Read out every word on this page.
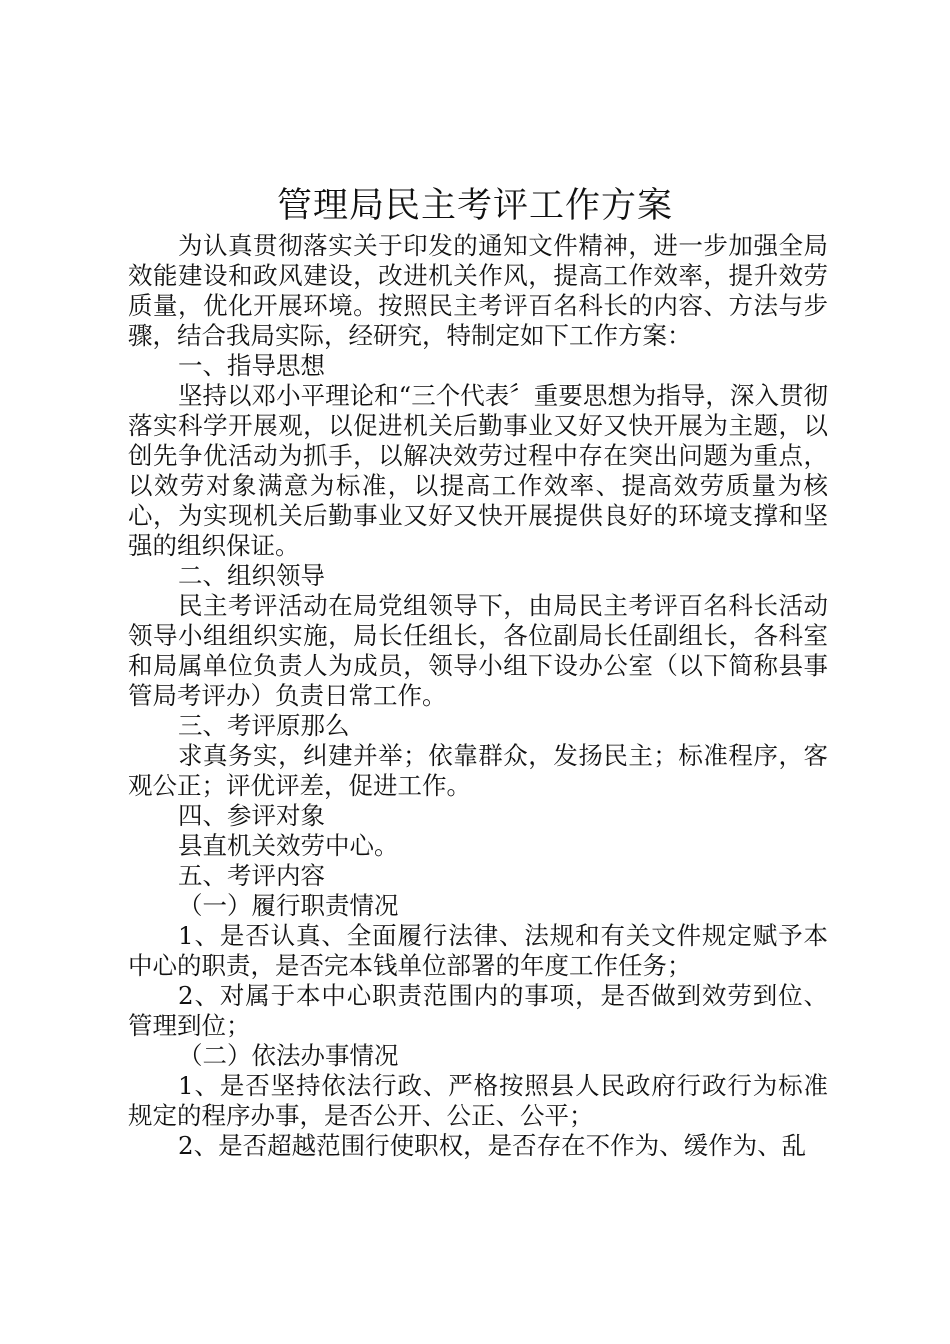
管理局民主考评工作方案

为认真贯彻落实关于印发的通知文件精神，进一步加强全局效能建设和政风建设，改进机关作风，提高工作效率，提升效劳质量，优化开展环境。按照民主考评百名科长的内容、方法与步骤，结合我局实际，经研究，特制定如下工作方案：

一、指导思想

坚持以邓小平理论和“三个代表〞重要思想为指导，深入贯彻落实科学开展观，以促进机关后勤事业又好又快开展为主题，以创先争优活动为抓手，以解决效劳过程中存在突出问题为重点，以效劳对象满意为标准，以提高工作效率、提高效劳质量为核心，为实现机关后勤事业又好又快开展提供良好的环境支撑和坚强的组织保证。

二、组织领导

民主考评活动在局党组领导下，由局民主考评百名科长活动领导小组组织实施，局长任组长，各位副局长任副组长，各科室和局属单位负责人为成员，领导小组下设办公室（以下简称县事管局考评办）负责日常工作。

三、考评原那么

求真务实，纠建并举；依靠群众，发扬民主；标准程序，客观公正；评优评差，促进工作。

四、参评对象

县直机关效劳中心。

五、考评内容

（一）履行职责情况

1、是否认真、全面履行法律、法规和有关文件规定赋予本中心的职责，是否完本钱单位部署的年度工作任务；

2、对属于本中心职责范围内的事项，是否做到效劳到位、管理到位；

（二）依法办事情况

1、是否坚持依法行政、严格按照县人民政府行政行为标准规定的程序办事，是否公开、公正、公平；

2、是否超越范围行使职权，是否存在不作为、缓作为、乱
